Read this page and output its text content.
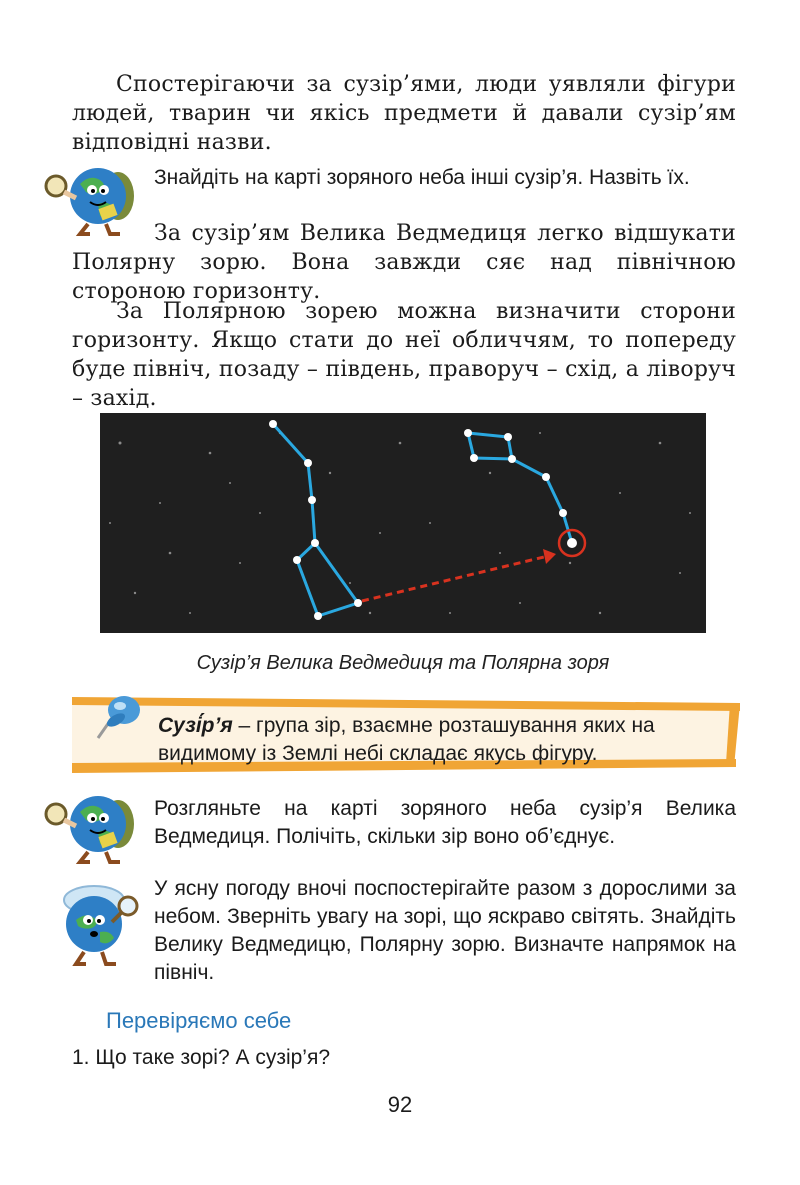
Спостерігаючи за сузір’ями, люди уявляли фігури людей, тварин чи якісь предмети й давали сузір’ям відповідні назви.
Знайдіть на карті зоряного неба інші сузір’я. Назвіть їх.
За сузір’ям Велика Ведмедиця легко відшукати Полярну зорю. Вона завжди сяє над північною стороною горизонту.
За Полярною зорею можна визначити сторони горизонту. Якщо стати до неї обличчям, то попереду буде північ, позаду – південь, праворуч – схід, а ліворуч – захід.
Сузір’я Велика Ведмедиця та Полярна зоря
Сузі́р’я – група зір, взаємне розташування яких на видимому із Землі небі складає якусь фігуру.
Розгляньте на карті зоряного неба сузір’я Велика Ведмедиця. Полічіть, скільки зір воно об’єднує.
У ясну погоду вночі поспостерігайте разом з дорослими за небом. Зверніть увагу на зорі, що яскраво світять. Знайдіть Велику Ведмедицю, Полярну зорю. Визначте напрямок на північ.
Перевіряємо себе
1. Що таке зорі? А сузір’я?
92
